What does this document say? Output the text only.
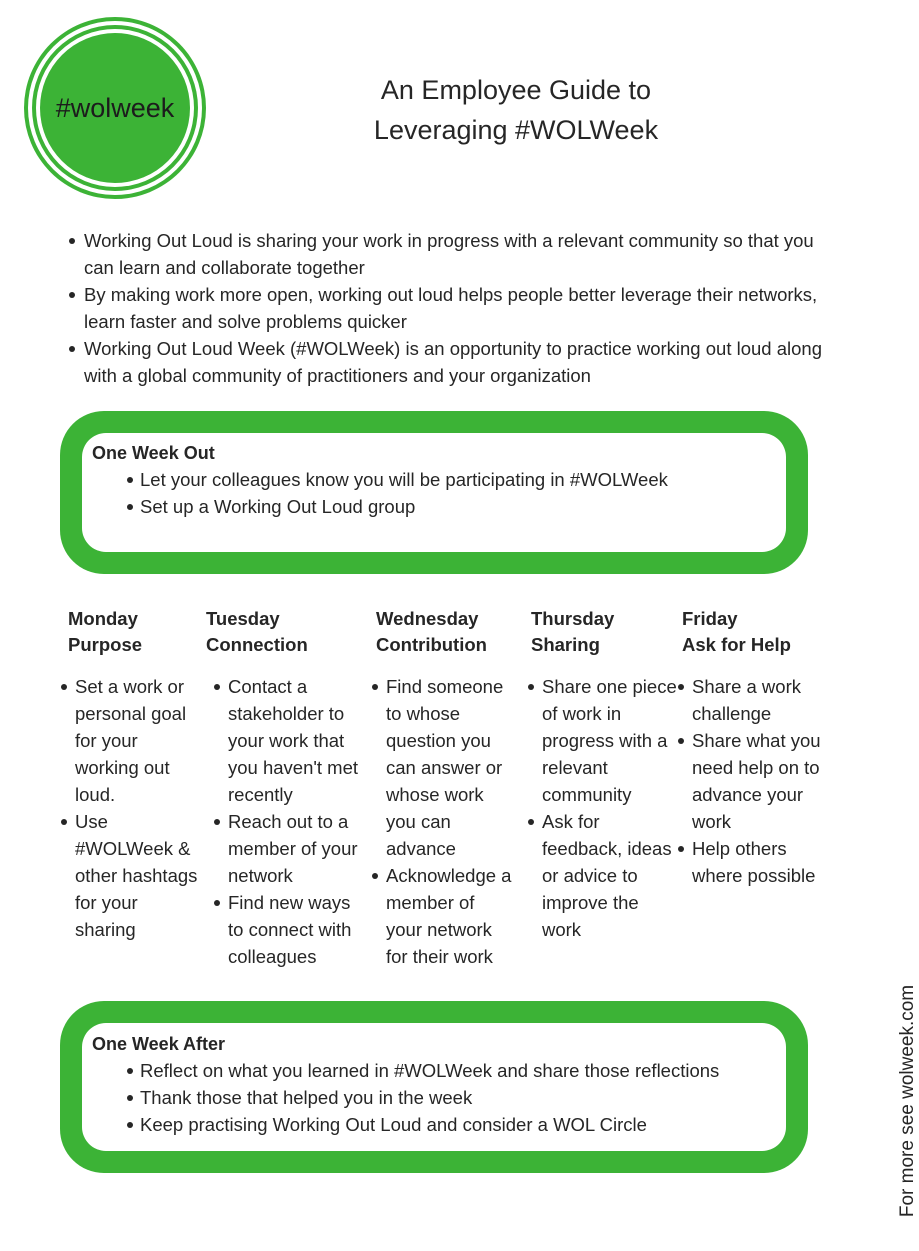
#wolweek
An Employee Guide to
Leveraging #WOLWeek
Working Out Loud is sharing your work in progress with a relevant community so that you can learn and collaborate together
By making work more open, working out loud helps people better leverage their networks, learn faster and solve problems quicker
Working Out Loud Week (#WOLWeek) is an opportunity to practice working out loud along with a global community of practitioners and your organization
One Week Out
Let your colleagues know you will be participating in #WOLWeek
Set up a Working Out Loud group
Monday
Purpose
Set a work or personal goal for your working out loud.
Use #WOLWeek & other hashtags for your sharing
Tuesday
Connection
Contact a stakeholder to your work that you haven't met recently
Reach out to a member of your network
Find new ways to connect with colleagues
Wednesday
Contribution
Find someone to whose question you can answer or whose work you can advance
Acknowledge a member of your network for their work
Thursday
Sharing
Share one piece of work in progress with a relevant community
Ask for feedback, ideas or advice to improve the work
Friday
Ask for Help
Share a work challenge
Share what you need help on to advance your work
Help others where possible
One Week After
Reflect on what you learned in #WOLWeek and share those reflections
Thank those that helped you in the week
Keep practising Working Out Loud and consider a WOL Circle	For more see wolweek.com
